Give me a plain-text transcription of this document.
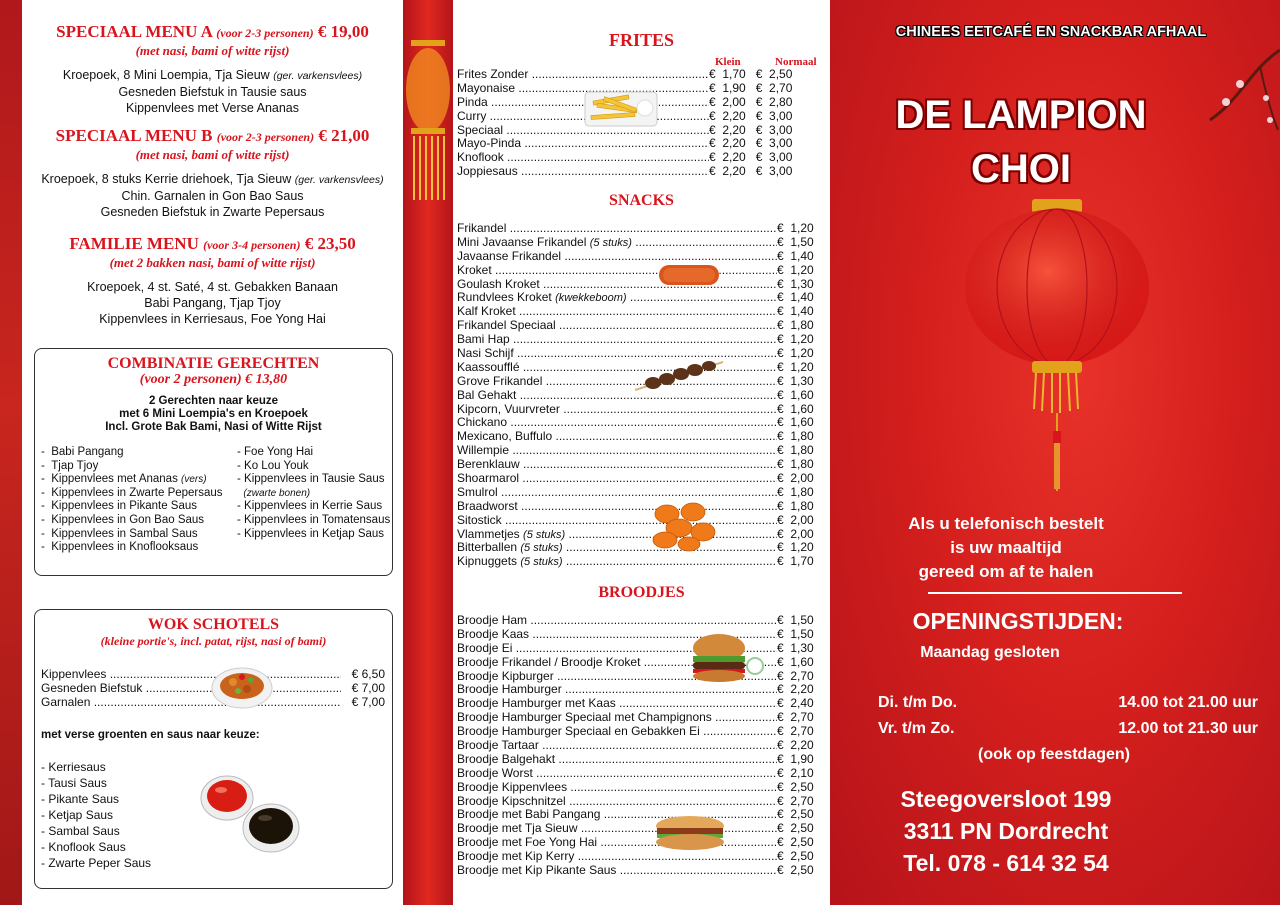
SPECIAAL MENU A (voor 2-3 personen) € 19,00
(met nasi, bami of witte rijst)
Kroepoek, 8 Mini Loempia, Tja Sieuw (ger. varkensvlees)
Gesneden Biefstuk in Tausie saus
Kippenvlees met Verse Ananas
SPECIAAL MENU B (voor 2-3 personen) € 21,00
(met nasi, bami of witte rijst)
Kroepoek, 8 stuks Kerrie driehoek, Tja Sieuw (ger. varkensvlees)
Chin. Garnalen in Gon Bao Saus
Gesneden Biefstuk in Zwarte Pepersaus
FAMILIE MENU (voor 3-4 personen) € 23,50
(met 2 bakken nasi, bami of witte rijst)
Kroepoek, 4 st. Saté, 4 st. Gebakken Banaan
Babi Pangang, Tjap Tjoy
Kippenvlees in Kerriesaus, Foe Yong Hai
COMBINATIE GERECHTEN
(voor 2 personen) € 13,80
2 Gerechten naar keuze
met 6 Mini Loempia's en Kroepoek
Incl. Grote Bak Bami, Nasi of Witte Rijst
-  Babi Pangang
-  Tjap Tjoy
-  Kippenvlees met Ananas (vers)
-  Kippenvlees in Zwarte Pepersaus
-  Kippenvlees in Pikante Saus
-  Kippenvlees in Gon Bao Saus
-  Kippenvlees in Sambal Saus
-  Kippenvlees in Knoflooksaus
- Foe Yong Hai
- Ko Lou Youk
- Kippenvlees in Tausie Saus
(zwarte bonen)
- Kippenvlees in Kerrie Saus
- Kippenvlees in Tomatensaus
- Kippenvlees in Ketjap Saus
WOK SCHOTELS
(kleine portie's, incl. patat, rijst, nasi of bami)
Kippenvlees .....	€ 6,50
Gesneden Biefstuk .....	€ 7,00
Garnalen .....	€ 7,00
met verse groenten en saus naar keuze:
- Kerriesaus
- Tausi Saus
- Pikante Saus
- Ketjap Saus
- Sambal Saus
- Knoflook Saus
- Zwarte Peper Saus
FRITES
Klein	Normaal
Frites Zonder .....	€  1,70   €  2,50
Mayonaise .....	€  1,90   €  2,70
Pinda .....	€  2,00   €  2,80
Curry .....	€  2,20   €  3,00
Speciaal .....	€  2,20   €  3,00
Mayo-Pinda .....	€  2,20   €  3,00
Knoflook .....	€  2,20   €  3,00
Joppiesaus .....	€  2,20   €  3,00
SNACKS
Frikandel .....	€  1,20
Mini Javaanse Frikandel (5 stuks) .....	€  1,50
Javaanse Frikandel .....	€  1,40
Kroket .....	€  1,20
Goulash Kroket .....	€  1,30
Rundvlees Kroket (kwekkeboom) .....	€  1,40
Kalf Kroket .....	€  1,40
Frikandel Speciaal .....	€  1,80
Bami Hap .....	€  1,20
Nasi Schijf .....	€  1,20
Kaassoufflé .....	€  1,20
Grove Frikandel .....	€  1,30
Bal Gehakt .....	€  1,60
Kipcorn, Vuurvreter .....	€  1,60
Chickano .....	€  1,60
Mexicano, Buffulo .....	€  1,80
Willempie .....	€  1,80
Berenklauw .....	€  1,80
Shoarmarol .....	€  2,00
Smulrol .....	€  1,80
Braadworst .....	€  1,80
Sitostick .....	€  2,00
Vlammetjes (5 stuks) .....	€  2,00
Bitterballen (5 stuks) .....	€  1,20
Kipnuggets (5 stuks) .....	€  1,70
BROODJES
Broodje Ham .....	€  1,50
Broodje Kaas .....	€  1,50
Broodje Ei .....	€  1,30
Broodje Frikandel / Broodje Kroket .....	€  1,60
Broodje Kipburger .....	€  2,70
Broodje Hamburger .....	€  2,20
Broodje Hamburger met Kaas .....	€  2,40
Broodje Hamburger Speciaal met Champignons .....	€  2,70
Broodje Hamburger Speciaal en Gebakken Ei .....	€  2,70
Broodje Tartaar .....	€  2,20
Broodje Balgehakt .....	€  1,90
Broodje Worst .....	€  2,10
Broodje Kippenvlees .....	€  2,50
Broodje Kipschnitzel .....	€  2,70
Broodje met Babi Pangang .....	€  2,50
Broodje met Tja Sieuw .....	€  2,50
Broodje met Foe Yong Hai .....	€  2,50
Broodje met Kip Kerry .....	€  2,50
Broodje met Kip Pikante Saus .....	€  2,50
CHINEES EETCAFÉ EN SNACKBAR AFHAAL
DE LAMPION
CHOI
Als u telefonisch bestelt
is uw maaltijd
gereed om af te halen
OPENINGSTIJDEN:
Maandag gesloten
Di. t/m Do.	14.00 tot 21.00 uur
Vr. t/m Zo.	12.00 tot 21.30 uur
(ook op feestdagen)
Steegoversloot 199
3311 PN Dordrecht
Tel. 078 - 614 32 54
